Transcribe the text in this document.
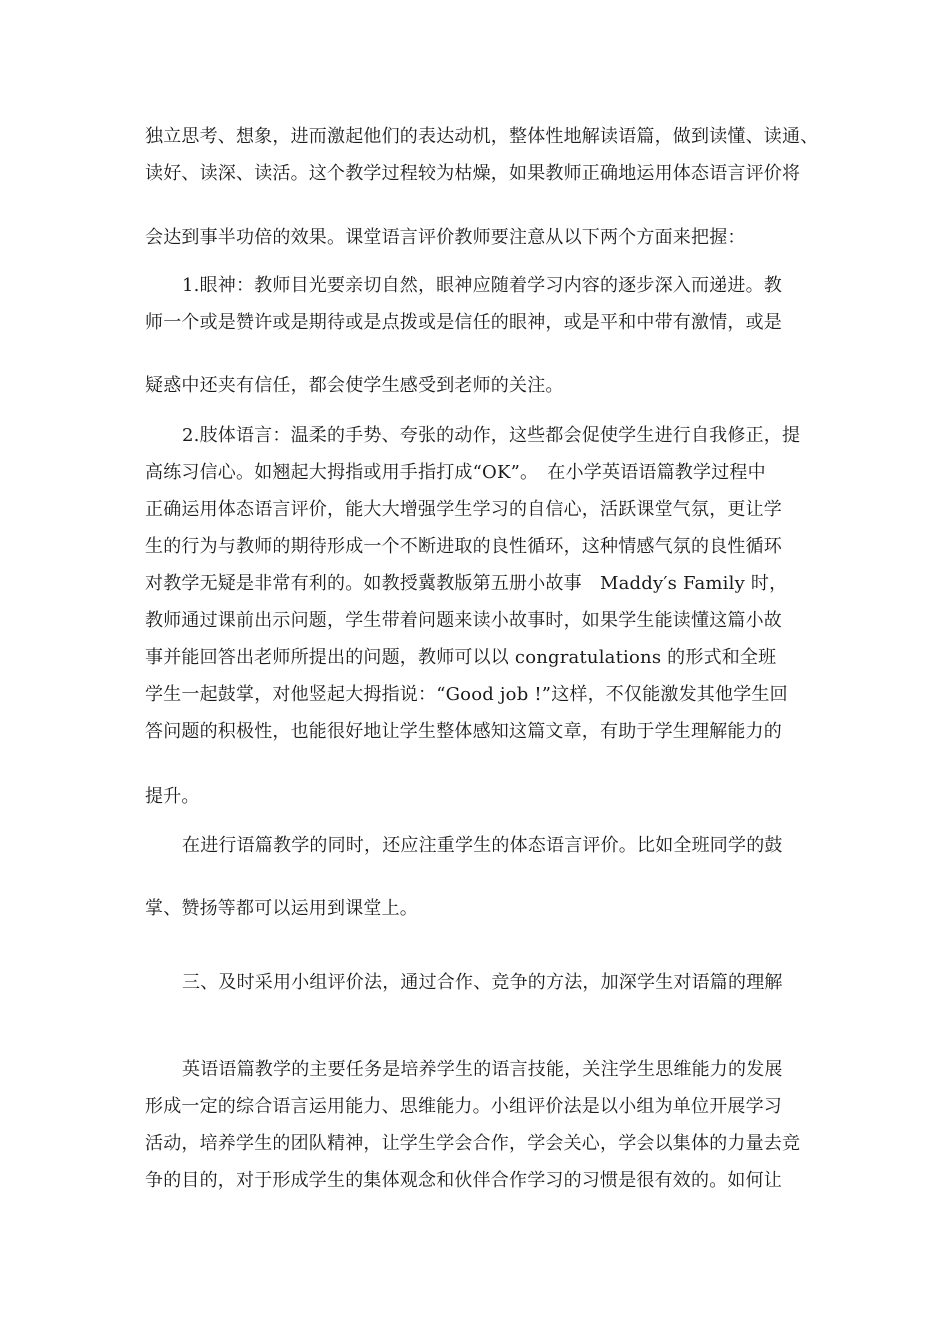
独立思考、想象，进而激起他们的表达动机，整体性地解读语篇，做到读懂、读通、
读好、读深、读活。这个教学过程较为枯燥，如果教师正确地运用体态语言评价将
会达到事半功倍的效果。课堂语言评价教师要注意从以下两个方面来把握：
1.眼神：教师目光要亲切自然，眼神应随着学习内容的逐步深入而递进。教
师一个或是赞许或是期待或是点拨或是信任的眼神，或是平和中带有激情，或是
疑惑中还夹有信任，都会使学生感受到老师的关注。
2.肢体语言：温柔的手势、夸张的动作，这些都会促使学生进行自我修正，提
高练习信心。如翘起大拇指或用手指打成“OK”。　在小学英语语篇教学过程中
正确运用体态语言评价，能大大增强学生学习的自信心，活跃课堂气氛，更让学
生的行为与教师的期待形成一个不断进取的良性循环，这种情感气氛的良性循环
对教学无疑是非常有利的。如教授冀教版第五册小故事　Maddy′s Family 时，
教师通过课前出示问题，学生带着问题来读小故事时，如果学生能读懂这篇小故
事并能回答出老师所提出的问题，教师可以以 congratulations 的形式和全班
学生一起鼓掌，对他竖起大拇指说：“Good job !”这样，不仅能激发其他学生回
答问题的积极性，也能很好地让学生整体感知这篇文章，有助于学生理解能力的
提升。
在进行语篇教学的同时，还应注重学生的体态语言评价。比如全班同学的鼓
掌、赞扬等都可以运用到课堂上。
三、及时采用小组评价法，通过合作、竞争的方法，加深学生对语篇的理解
英语语篇教学的主要任务是培养学生的语言技能，关注学生思维能力的发展
形成一定的综合语言运用能力、思维能力。小组评价法是以小组为单位开展学习
活动，培养学生的团队精神，让学生学会合作，学会关心，学会以集体的力量去竞
争的目的，对于形成学生的集体观念和伙伴合作学习的习惯是很有效的。如何让
